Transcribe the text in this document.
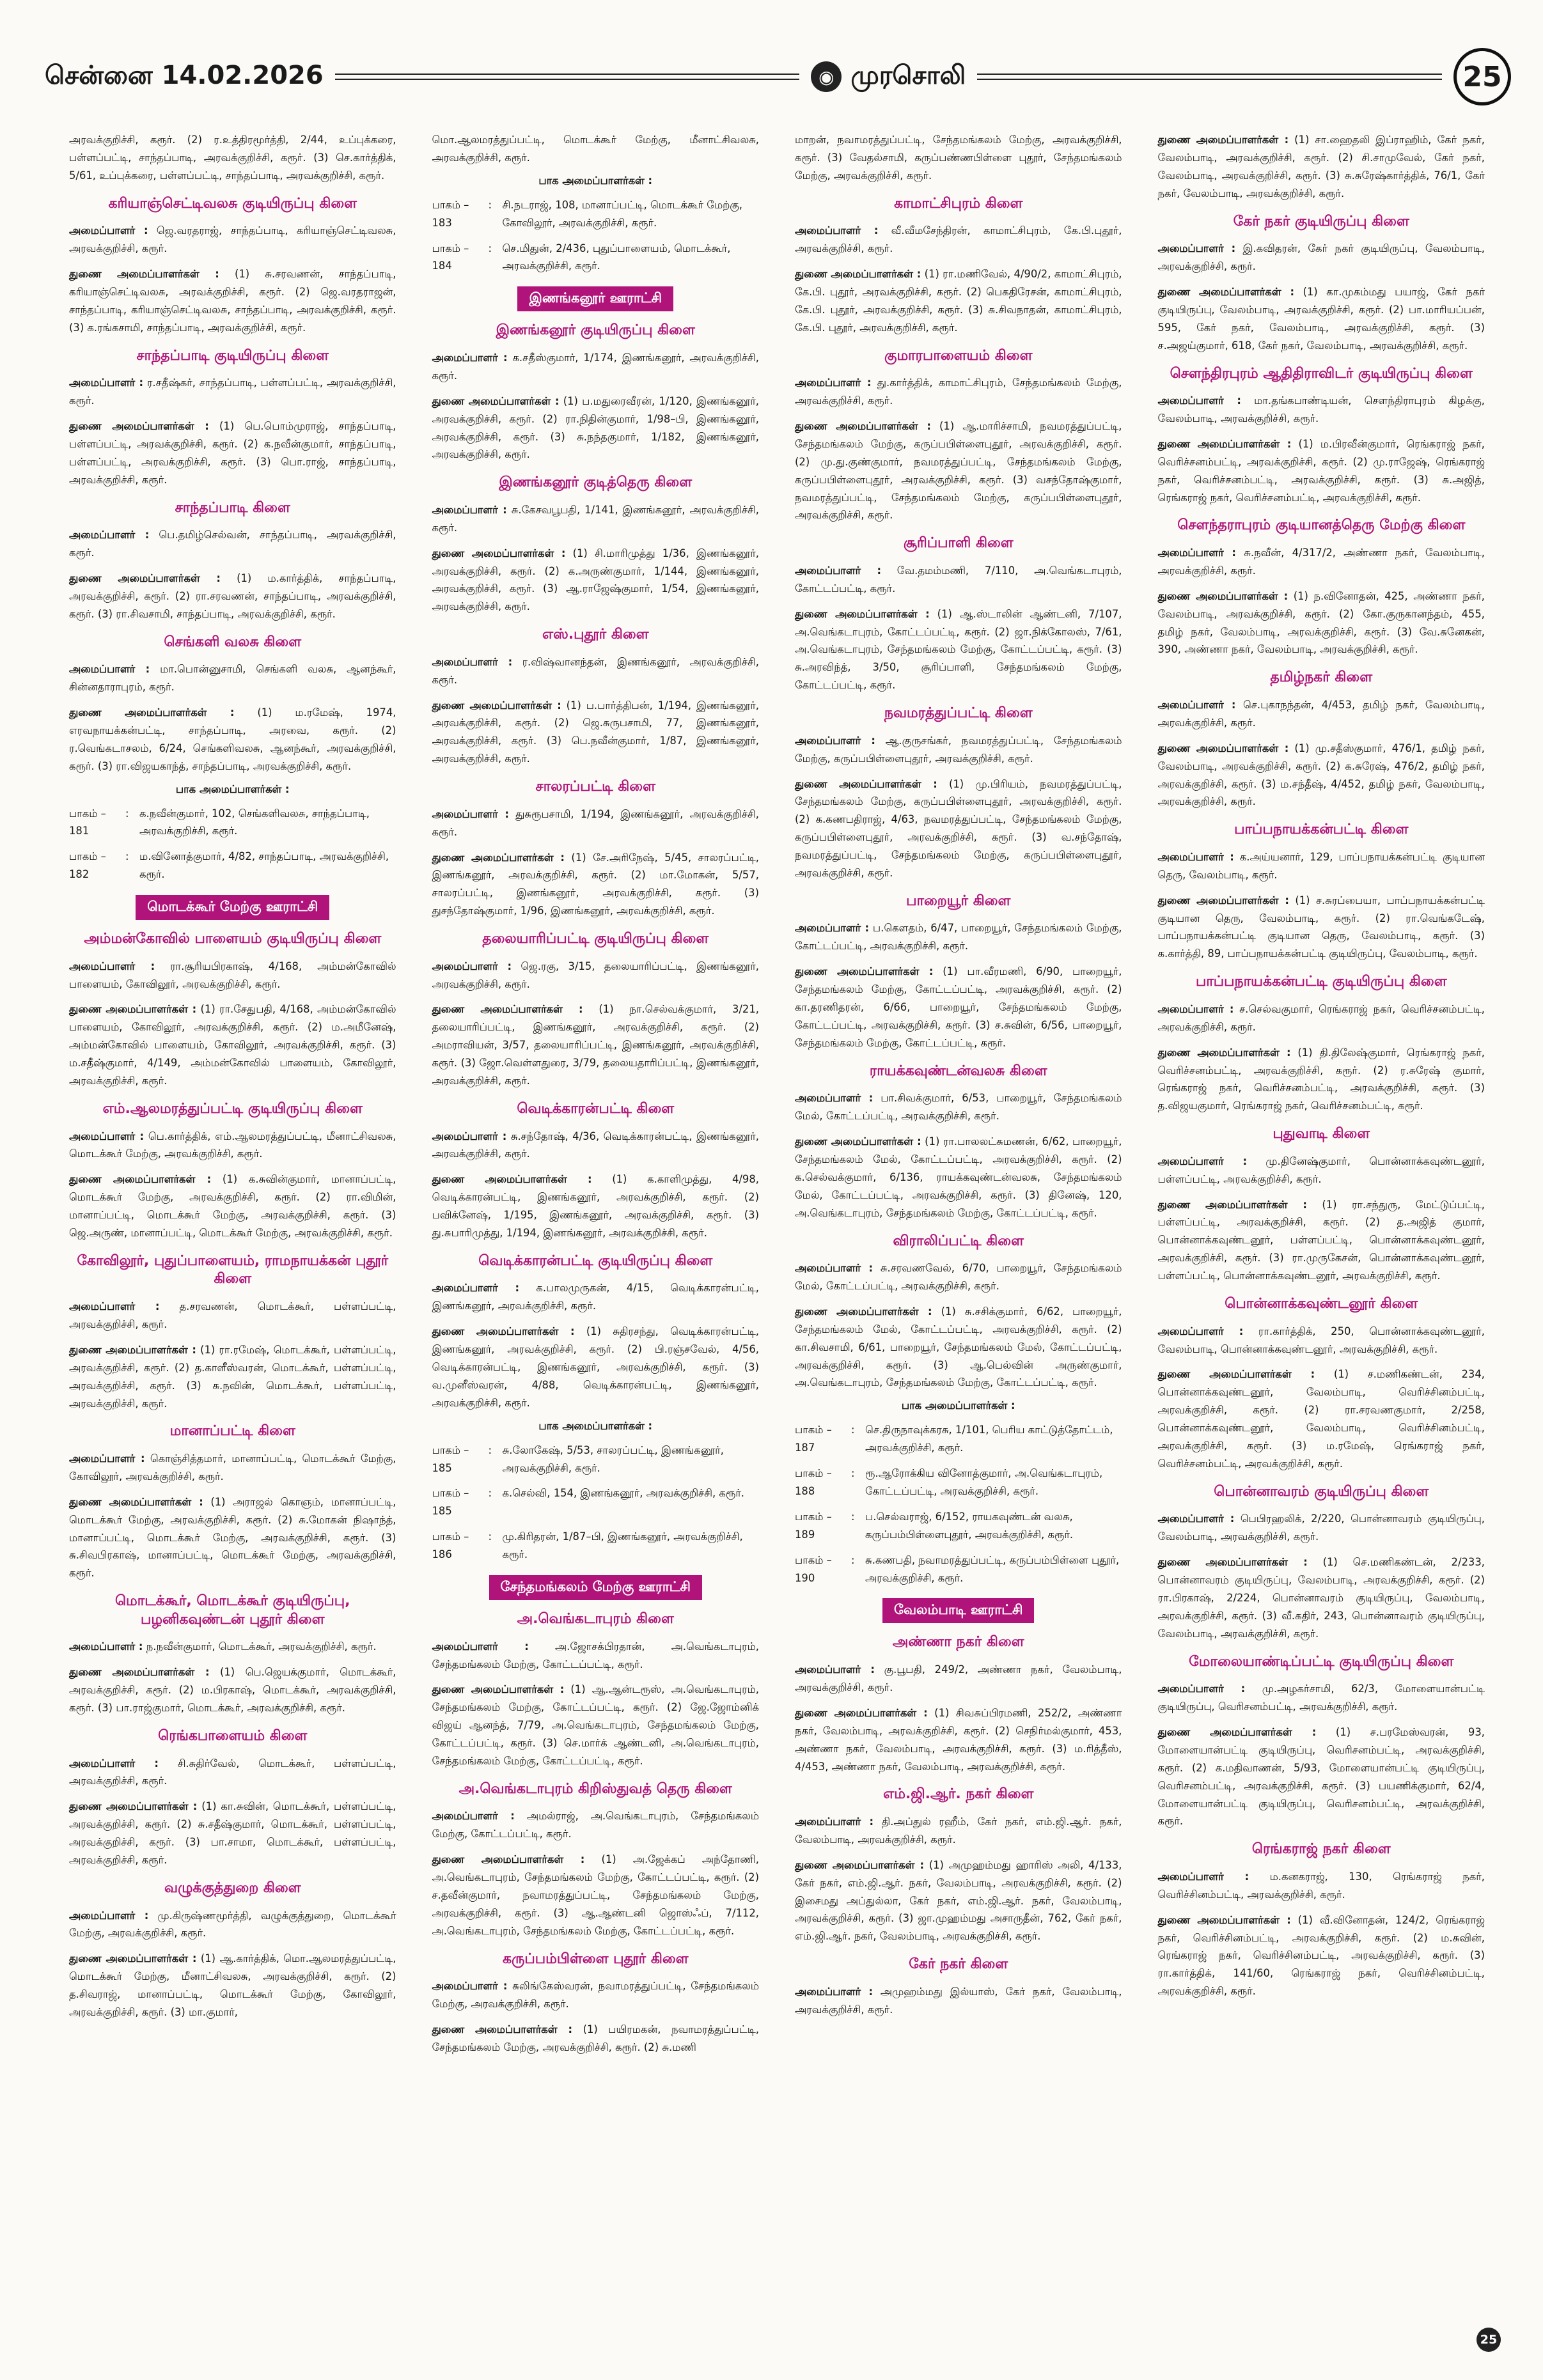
சென்னை 14.02.2026	◉ முரசொலி	25

அரவக்குறிச்சி, கரூர். (2) ர.உத்திரமூர்த்தி, 2/44, உப்புக்கரை, பள்ளப்பட்டி, சாந்தப்பாடி, அரவக்குறிச்சி, கரூர். (3) செ.கார்த்திக், 5/61, உப்புக்கரை, பள்ளப்பட்டி, சாந்தப்பாடி, அரவக்குறிச்சி, கரூர்.

கரியாஞ்செட்டிவலசு குடியிருப்பு கிளை

அமைப்பாளர் : ஜெ.வரதராஜ், சாந்தப்பாடி, கரியாஞ்செட்டிவலசு, அரவக்குறிச்சி, கரூர்.

துணை அமைப்பாளர்கள் : (1) சு.சரவணன், சாந்தப்பாடி, கரியாஞ்செட்டிவலசு, அரவக்குறிச்சி, கரூர். (2) ஜெ.வரதராஜன், சாந்தப்பாடி, கரியாஞ்செட்டிவலசு, சாந்தப்பாடி, அரவக்குறிச்சி, கரூர். (3) க.ரங்கசாமி, சாந்தப்பாடி, அரவக்குறிச்சி, கரூர்.

சாந்தப்பாடி குடியிருப்பு கிளை

அமைப்பாளர் : ர.சதீஷ்கர், சாந்தப்பாடி, பள்ளப்பட்டி, அரவக்குறிச்சி, கரூர்.

துணை அமைப்பாளர்கள் : (1) பெ.பொம்முராஜ், சாந்தப்பாடி, பள்ளப்பட்டி, அரவக்குறிச்சி, கரூர். (2) க.நவீன்குமார், சாந்தப்பாடி, பள்ளப்பட்டி, அரவக்குறிச்சி, கரூர். (3) பொ.ராஜ், சாந்தப்பாடி, அரவக்குறிச்சி, கரூர்.

சாந்தப்பாடி கிளை

அமைப்பாளர் : பெ.தமிழ்செல்வன், சாந்தப்பாடி, அரவக்குறிச்சி, கரூர்.

துணை அமைப்பாளர்கள் : (1) ம.கார்த்திக், சாந்தப்பாடி, அரவக்குறிச்சி, கரூர். (2) ரா.சரவணன், சாந்தப்பாடி, அரவக்குறிச்சி, கரூர். (3) ரா.சிவசாமி, சாந்தப்பாடி, அரவக்குறிச்சி, கரூர்.

செங்களி வலசு கிளை

அமைப்பாளர் : மா.பொன்னுசாமி, செங்களி வலசு, ஆனந்கூர், சின்னதாராபுரம், கரூர்.

துணை அமைப்பாளர்கள் : (1) ம.ரமேஷ், 1974, எரவநாயக்கன்பட்டி, சாந்தப்பாடி, அரவை, கரூர். (2) ர.வெங்கடாசலம், 6/24, செங்களிவலசு, ஆனந்கூர், அரவக்குறிச்சி, கரூர். (3) ரா.விஜயகாந்த், சாந்தப்பாடி, அரவக்குறிச்சி, கரூர்.

பாக அமைப்பாளர்கள் :
பாகம் – 181
:	க.நவீன்குமார், 102, செங்களிவலசு, சாந்தப்பாடி, அரவக்குறிச்சி, கரூர்.
பாகம் – 182
:	ம.வினோத்குமார், 4/82, சாந்தப்பாடி, அரவக்குறிச்சி, கரூர்.
மொடக்கூர் மேற்கு ஊராட்சி
அம்மன்கோவில் பாளையம் குடியிருப்பு கிளை

அமைப்பாளர் : ரா.சூரியபிரகாஷ், 4/168, அம்மன்கோவில் பாளையம், கோவிலூர், அரவக்குறிச்சி, கரூர்.

துணை அமைப்பாளர்கள் : (1) ரா.சேதுபதி, 4/168, அம்மன்கோவில் பாளையம், கோவிலூர், அரவக்குறிச்சி, கரூர். (2) ம.அமீனேஷ், அம்மன்கோவில் பாளையம், கோவிலூர், அரவக்குறிச்சி, கரூர். (3) ம.சதீஷ்குமார், 4/149, அம்மன்கோவில் பாளையம், கோவிலூர், அரவக்குறிச்சி, கரூர்.

எம்.ஆலமரத்துப்பட்டி குடியிருப்பு கிளை

அமைப்பாளர் : பெ.கார்த்திக், எம்.ஆலமரத்துப்பட்டி, மீனாட்சிவலசு, மொடக்கூர் மேற்கு, அரவக்குறிச்சி, கரூர்.

துணை அமைப்பாளர்கள் : (1) க.சுவின்குமார், மானாப்பட்டி, மொடக்கூர் மேற்கு, அரவக்குறிச்சி, கரூர். (2) ரா.விமின், மானாப்பட்டி, மொடக்கூர் மேற்கு, அரவக்குறிச்சி, கரூர். (3) ஜெ.அருண், மானாப்பட்டி, மொடக்கூர் மேற்கு, அரவக்குறிச்சி, கரூர்.

கோவிலூர், புதுப்பாளையம், ராமநாயக்கன் புதூர் கிளை

அமைப்பாளர் : த.சரவணன், மொடக்கூர், பள்ளப்பட்டி, அரவக்குறிச்சி, கரூர்.

துணை அமைப்பாளர்கள் : (1) ரா.ரமேஷ், மொடக்கூர், பள்ளப்பட்டி, அரவக்குறிச்சி, கரூர். (2) த.காளீஸ்வரன், மொடக்கூர், பள்ளப்பட்டி, அரவக்குறிச்சி, கரூர். (3) சு.நவின், மொடக்கூர், பள்ளப்பட்டி, அரவக்குறிச்சி, கரூர்.

மானாப்பட்டி கிளை

அமைப்பாளர் : கொஞ்சித்தமார், மானாப்பட்டி, மொடக்கூர் மேற்கு, கோவிலூர், அரவக்குறிச்சி, கரூர்.

துணை அமைப்பாளர்கள் : (1) அராஜல் கொஞம், மானாப்பட்டி, மொடக்கூர் மேற்கு, அரவக்குறிச்சி, கரூர். (2) சு.மோகன் நிஷாந்த், மானாப்பட்டி, மொடக்கூர் மேற்கு, அரவக்குறிச்சி, கரூர். (3) சு.சிவபிரகாஷ், மானாப்பட்டி, மொடக்கூர் மேற்கு, அரவக்குறிச்சி, கரூர்.

மொடக்கூர், மொடக்கூர் குடியிருப்பு, பழனிகவுண்டன் புதூர் கிளை

அமைப்பாளர் : ந.நவீன்குமார், மொடக்கூர், அரவக்குறிச்சி, கரூர்.

துணை அமைப்பாளர்கள் : (1) பெ.ஜெயக்குமார், மொடக்கூர், அரவக்குறிச்சி, கரூர். (2) ம.பிரகாஷ், மொடக்கூர், அரவக்குறிச்சி, கரூர். (3) பா.ராஜ்குமார், மொடக்கூர், அரவக்குறிச்சி, கரூர்.

ரெங்கபாளையம் கிளை

அமைப்பாளர் : சி.சுதிர்வேல், மொடக்கூர், பள்ளப்பட்டி, அரவக்குறிச்சி, கரூர்.

துணை அமைப்பாளர்கள் : (1) கா.சுவின், மொடக்கூர், பள்ளப்பட்டி, அரவக்குறிச்சி, கரூர். (2) சு.சதீஷ்குமார், மொடக்கூர், பள்ளப்பட்டி, அரவக்குறிச்சி, கரூர். (3) பா.சாமா, மொடக்கூர், பள்ளப்பட்டி, அரவக்குறிச்சி, கரூர்.

வழுக்குத்துறை கிளை

அமைப்பாளர் : மு.கிருஷ்ணமூர்த்தி, வழுக்குத்துறை, மொடக்கூர் மேற்கு, அரவக்குறிச்சி, கரூர்.

துணை அமைப்பாளர்கள் : (1) ஆ.கார்த்திக், மொ.ஆலமரத்துப்பட்டி, மொடக்கூர் மேற்கு, மீனாட்சிவலசு, அரவக்குறிச்சி, கரூர். (2) த.சிவராஜ், மானாப்பட்டி, மொடக்கூர் மேற்கு, கோவிலூர், அரவக்குறிச்சி, கரூர். (3) மா.குமார்,

மொ.ஆலமரத்துப்பட்டி, மொடக்கூர் மேற்கு, மீனாட்சிவலசு, அரவக்குறிச்சி, கரூர்.

பாக அமைப்பாளர்கள் :
பாகம் – 183
:	சி.நடராஜ், 108, மானாப்பட்டி, மொடக்கூர் மேற்கு, கோவிலூர், அரவக்குறிச்சி, கரூர்.
பாகம் – 184
:	செ.மிதுன், 2/436, புதுப்பாளையம், மொடக்கூர், அரவக்குறிச்சி, கரூர்.
இணங்கனூர் ஊராட்சி
இணங்கனூர் குடியிருப்பு கிளை

அமைப்பாளர் : க.சதீஸ்குமார், 1/174, இணங்கனூர், அரவக்குறிச்சி, கரூர்.

துணை அமைப்பாளர்கள் : (1) ப.மதுரைவீரன், 1/120, இணங்கனூர், அரவக்குறிச்சி, கரூர். (2) ரா.நிதின்குமார், 1/98–பி, இணங்கனூர், அரவக்குறிச்சி, கரூர். (3) சு.நந்தகுமார், 1/182, இணங்கனூர், அரவக்குறிச்சி, கரூர்.

இணங்கனூர் குடித்தெரு கிளை

அமைப்பாளர் : சு.கேசவபூபதி, 1/141, இணங்கனூர், அரவக்குறிச்சி, கரூர்.

துணை அமைப்பாளர்கள் : (1) சி.மாரிமுத்து 1/36, இணங்கனூர், அரவக்குறிச்சி, கரூர். (2) க.அருண்குமார், 1/144, இணங்கனூர், அரவக்குறிச்சி, கரூர். (3) ஆ.ராஜேஷ்குமார், 1/54, இணங்கனூர், அரவக்குறிச்சி, கரூர்.

எஸ்.புதூர் கிளை

அமைப்பாளர் : ர.விஷ்வானந்தன், இணங்கனூர், அரவக்குறிச்சி, கரூர்.

துணை அமைப்பாளர்கள் : (1) ப.பார்த்திபன், 1/194, இணங்கனூர், அரவக்குறிச்சி, கரூர். (2) ஜெ.சுருபசாமி, 77, இணங்கனூர், அரவக்குறிச்சி, கரூர். (3) பெ.நவீன்குமார், 1/87, இணங்கனூர், அரவக்குறிச்சி, கரூர்.

சாலரப்பட்டி கிளை

அமைப்பாளர் : துசுரூபசாமி, 1/194, இணங்கனூர், அரவக்குறிச்சி, கரூர்.

துணை அமைப்பாளர்கள் : (1) சே.அரிநேஷ், 5/45, சாலரப்பட்டி, இணங்கனூர், அரவக்குறிச்சி, கரூர். (2) மா.மோகன், 5/57, சாலரப்பட்டி, இணங்கனூர், அரவக்குறிச்சி, கரூர். (3) துசந்தோஷ்குமார், 1/96, இணங்கனூர், அரவக்குறிச்சி, கரூர்.

தலையாரிப்பட்டி குடியிருப்பு கிளை

அமைப்பாளர் : ஜெ.ரகு, 3/15, தலையாரிப்பட்டி, இணங்கனூர், அரவக்குறிச்சி, கரூர்.

துணை அமைப்பாளர்கள் : (1) நா.செல்வக்குமார், 3/21, தலையாரிப்பட்டி, இணங்கனூர், அரவக்குறிச்சி, கரூர். (2) அமராவியன், 3/57, தலையாரிப்பட்டி, இணங்கனூர், அரவக்குறிச்சி, கரூர். (3) ஜோ.வெள்ளதுரை, 3/79, தலையதாரிப்பட்டி, இணங்கனூர், அரவக்குறிச்சி, கரூர்.

வெடிக்காரன்பட்டி கிளை

அமைப்பாளர் : சு.சந்தோஷ், 4/36, வெடிக்காரன்பட்டி, இணங்கனூர், அரவக்குறிச்சி, கரூர்.

துணை அமைப்பாளர்கள் : (1) க.காளிமுத்து, 4/98, வெடிக்காரன்பட்டி, இணங்கனூர், அரவக்குறிச்சி, கரூர். (2) பவிக்னேஷ், 1/195, இணங்கனூர், அரவக்குறிச்சி, கரூர். (3) து.சுபாரிமுத்து, 1/194, இணங்கனூர், அரவக்குறிச்சி, கரூர்.

வெடிக்காரன்பட்டி குடியிருப்பு கிளை

அமைப்பாளர் : க.பாலமுருகன், 4/15, வெடிக்காரன்பட்டி, இணங்கனூர், அரவக்குறிச்சி, கரூர்.

துணை அமைப்பாளர்கள் : (1) சுதிரசந்து, வெடிக்காரன்பட்டி, இணங்கனூர், அரவக்குறிச்சி, கரூர். (2) பி.ரஞ்சவேல், 4/56, வெடிக்காரன்பட்டி, இணங்கனூர், அரவக்குறிச்சி, கரூர். (3) வ.முனீஸ்வரன், 4/88, வெடிக்காரன்பட்டி, இணங்கனூர், அரவக்குறிச்சி, கரூர்.

பாக அமைப்பாளர்கள் :
பாகம் – 185
:	சு.லோகேஷ், 5/53, சாலரப்பட்டி, இணங்கனூர், அரவக்குறிச்சி, கரூர்.
பாகம் – 185
:	க.செல்வி, 154, இணங்கனூர், அரவக்குறிச்சி, கரூர்.
பாகம் – 186
:	மு.கிரிதரன், 1/87–பி, இணங்கனூர், அரவக்குறிச்சி, கரூர்.
சேந்தமங்கலம் மேற்கு ஊராட்சி
அ.வெங்கடாபுரம் கிளை

அமைப்பாளர் :	அ.ஜோசக்பிரதான், அ.வெங்கடாபுரம், சேந்தமங்கலம் மேற்கு, கோட்டப்பட்டி, கரூர்.

துணை அமைப்பாளர்கள் : (1) ஆ.ஆன்டரூஸ், அ.வெங்கடாபுரம், சேந்தமங்கலம் மேற்கு, கோட்டப்பட்டி, கரூர். (2) ஜே.ஜோம்னிக் விஜய் ஆனந்த், 7/79, அ.வெங்கடாபுரம், சேந்தமங்கலம் மேற்கு, கோட்டப்பட்டி, கரூர். (3) செ.மார்க் ஆண்டனி, அ.வெங்கடாபுரம், சேந்தமங்கலம் மேற்கு, கோட்டப்பட்டி, கரூர்.

அ.வெங்கடாபுரம் கிறிஸ்துவத் தெரு கிளை

அமைப்பாளர் : அமல்ராஜ், அ.வெங்கடாபுரம், சேந்தமங்கலம் மேற்கு, கோட்டப்பட்டி, கரூர்.

துணை அமைப்பாளர்கள் : (1) அ.ஜேக்கப் அந்தோணி, அ.வெங்கடாபுரம், சேந்தமங்கலம் மேற்கு, கோட்டப்பட்டி, கரூர். (2) ச.தவீன்குமார், நவாமரத்துப்பட்டி, சேந்தமங்கலம் மேற்கு, அரவக்குறிச்சி, கரூர். (3) ஆ.ஆண்டனி ஜொஸ்ஃப், 7/112, அ.வெங்கடாபுரம், சேந்தமங்கலம் மேற்கு, கோட்டப்பட்டி, கரூர்.

கருப்பம்பிள்ளை புதூர் கிளை

அமைப்பாளர் : சுலிங்கேஸ்வரன், நவாமரத்துப்பட்டி, சேந்தமங்கலம் மேற்கு, அரவக்குறிச்சி, கரூர்.

துணை அமைப்பாளர்கள் : (1) பயிரமகன், நவாமரத்துப்பட்டி, சேந்தமங்கலம் மேற்கு, அரவக்குறிச்சி, கரூர். (2) சு.மணி

மாறன், நவாமரத்துப்பட்டி, சேந்தமங்கலம் மேற்கு, அரவக்குறிச்சி, கரூர். (3) வேதல்சாமி, கருப்பண்ணபிள்ளை புதூர், சேந்தமங்கலம் மேற்கு, அரவக்குறிச்சி, கரூர்.

காமாட்சிபுரம் கிளை

அமைப்பாளர் : வீ.வீமசேந்திரன், காமாட்சிபுரம், கே.பி.புதூர், அரவக்குறிச்சி, கரூர்.

துணை அமைப்பாளர்கள் : (1) ரா.மணிவேல், 4/90/2, காமாட்சிபுரம், கே.பி. புதூர், அரவக்குறிச்சி, கரூர். (2) பெகதிரேசன், காமாட்சிபுரம், கே.பி. புதூர், அரவக்குறிச்சி, கரூர். (3) சு.சிவநாதன், காமாட்சிபுரம், கே.பி. புதூர், அரவக்குறிச்சி, கரூர்.

குமாரபாளையம் கிளை

அமைப்பாளர் : து.கார்த்திக், காமாட்சிபுரம், சேந்தமங்கலம் மேற்கு, அரவக்குறிச்சி, கரூர்.

துணை அமைப்பாளர்கள் : (1) ஆ.மாரிச்சாமி, நவமரத்துப்பட்டி, சேந்தமங்கலம் மேற்கு, கருப்பபிள்ளைபுதூர், அரவக்குறிச்சி, கரூர். (2) மு.து.குண்குமார், நவமரத்துப்பட்டி, சேந்தமங்கலம் மேற்கு, கருப்பபிள்ளைபுதூர், அரவக்குறிச்சி, கரூர். (3) வசந்தோஷ்குமார், நவமரத்துப்பட்டி, சேந்தமங்கலம் மேற்கு, கருப்பபிள்ளைபுதூர், அரவக்குறிச்சி, கரூர்.

சூரிப்பாளி கிளை

அமைப்பாளர் : வே.தமம்மணி, 7/110, அ.வெங்கடாபுரம், கோட்டப்பட்டி, கரூர்.

துணை அமைப்பாளர்கள் : (1) ஆ.ஸ்டாலின் ஆண்டனி, 7/107, அ.வெங்கடாபுரம், கோட்டப்பட்டி, கரூர். (2) ஜா.நிக்கோலஸ், 7/61, அ.வெங்கடாபுரம், சேந்தமங்கலம் மேற்கு, கோட்டப்பட்டி, கரூர். (3) சு.அரவிந்த், 3/50, சூரிப்பாளி, சேந்தமங்கலம் மேற்கு, கோட்டப்பட்டி, கரூர்.

நவமரத்துப்பட்டி கிளை

அமைப்பாளர் : ஆ.குருசங்கர், நவமரத்துப்பட்டி, சேந்தமங்கலம் மேற்கு, கருப்பபிள்ளைபுதூர், அரவக்குறிச்சி, கரூர்.

துணை அமைப்பாளர்கள் : (1) மு.பிரியம், நவமரத்துப்பட்டி, சேந்தமங்கலம் மேற்கு, கருப்பபிள்ளைபுதூர், அரவக்குறிச்சி, கரூர். (2) க.கணபதிராஜ், 4/63, நவமரத்துப்பட்டி, சேந்தமங்கலம் மேற்கு, கருப்பபிள்ளைபுதூர், அரவக்குறிச்சி, கரூர். (3) வ.சந்தோஷ், நவமரத்துப்பட்டி, சேந்தமங்கலம் மேற்கு, கருப்பபிள்ளைபுதூர், அரவக்குறிச்சி, கரூர்.

பாறையூர் கிளை

அமைப்பாளர் : ப.கௌதம், 6/47, பாறையூர், சேந்தமங்கலம் மேற்கு, கோட்டப்பட்டி, அரவக்குறிச்சி, கரூர்.

துணை அமைப்பாளர்கள் : (1) பா.வீரமணி, 6/90, பாறையூர், சேந்தமங்கலம் மேற்கு, கோட்டப்பட்டி, அரவக்குறிச்சி, கரூர். (2) கா.தரணிதரன், 6/66, பாறையூர், சேந்தமங்கலம் மேற்கு, கோட்டப்பட்டி, அரவக்குறிச்சி, கரூர். (3) ச.சுவின், 6/56, பாறையூர், சேந்தமங்கலம் மேற்கு, கோட்டப்பட்டி, கரூர்.

ராயக்கவுண்டன்வலசு கிளை

அமைப்பாளர் : பா.சிவக்குமார், 6/53, பாறையூர், சேந்தமங்கலம் மேல், கோட்டப்பட்டி, அரவக்குறிச்சி, கரூர்.

துணை அமைப்பாளர்கள் : (1) ரா.பாலலட்சுமணன், 6/62, பாறையூர், சேந்தமங்கலம் மேல், கோட்டப்பட்டி, அரவக்குறிச்சி, கரூர். (2) க.செல்வக்குமார், 6/136, ராயக்கவுண்டன்வலசு, சேந்தமங்கலம் மேல், கோட்டப்பட்டி, அரவக்குறிச்சி, கரூர். (3) தினேஷ், 120, அ.வெங்கடாபுரம், சேந்தமங்கலம் மேற்கு, கோட்டப்பட்டி, கரூர்.

விராலிப்பட்டி கிளை

அமைப்பாளர் : சு.சரவணவேல், 6/70, பாறையூர், சேந்தமங்கலம் மேல், கோட்டப்பட்டி, அரவக்குறிச்சி, கரூர்.

துணை அமைப்பாளர்கள் : (1) சு.சசிக்குமார், 6/62, பாறையூர், சேந்தமங்கலம் மேல், கோட்டப்பட்டி, அரவக்குறிச்சி, கரூர். (2) கா.சிவசாமி, 6/61, பாறையூர், சேந்தமங்கலம் மேல், கோட்டப்பட்டி, அரவக்குறிச்சி, கரூர். (3) ஆ.பெல்வின் அருண்குமார், அ.வெங்கடாபுரம், சேந்தமங்கலம் மேற்கு, கோட்டப்பட்டி, கரூர்.

பாக அமைப்பாளர்கள் :
பாகம் – 187
:	செ.திருநாவுக்கரசு, 1/101, பெரிய காட்டுத்தோட்டம், அரவக்குறிச்சி, கரூர்.
பாகம் – 188
:	ரூ.ஆரோக்கிய வினோத்குமார், அ.வெங்கடாபுரம், கோட்டப்பட்டி, அரவக்குறிச்சி, கரூர்.
பாகம் – 189
:	ப.செல்வராஜ், 6/152, ராயகவுண்டன் வலசு, கருப்பம்பிள்ளைபுதூர், அரவக்குறிச்சி, கரூர்.
பாகம் – 190
:	சு.கணபதி, நவாமரத்துப்பட்டி, கருப்பம்பிள்ளை புதூர், அரவக்குறிச்சி, கரூர்.
வேலம்பாடி ஊராட்சி
அண்ணா நகர் கிளை

அமைப்பாளர் : கு.பூபதி, 249/2, அண்ணா நகர், வேலம்பாடி, அரவக்குறிச்சி, கரூர்.

துணை அமைப்பாளர்கள் : (1) சிவசுப்பிரமணி, 252/2, அண்ணா நகர், வேலம்பாடி, அரவக்குறிச்சி, கரூர். (2) செநிர்மல்குமார், 453, அண்ணா நகர், வேலம்பாடி, அரவக்குறிச்சி, கரூர். (3) ம.ரித்தீஸ், 4/453, அண்ணா நகர், வேலம்பாடி, அரவக்குறிச்சி, கரூர்.

எம்.ஜி.ஆர். நகர் கிளை

அமைப்பாளர் : தி.அப்துல் ரஹீம், கேர் நகர், எம்.ஜி.ஆர். நகர், வேலம்பாடி, அரவக்குறிச்சி, கரூர்.

துணை அமைப்பாளர்கள் : (1) அமுஹம்மது ஹாரிஸ் அலி, 4/133, கேர் நகர், எம்.ஜி.ஆர். நகர், வேலம்பாடி, அரவக்குறிச்சி, கரூர். (2) இசைமது அப்துல்லா, கேர் நகர், எம்.ஜி.ஆர். நகர், வேலம்பாடி, அரவக்குறிச்சி, கரூர். (3) ஜா.முஹம்மது அசாருதீன், 762, கேர் நகர், எம்.ஜி.ஆர். நகர், வேலம்பாடி, அரவக்குறிச்சி, கரூர்.

கேர் நகர் கிளை

அமைப்பாளர் : அமுஹம்மது இல்யாஸ், கேர் நகர், வேலம்பாடி, அரவக்குறிச்சி, கரூர்.

துணை அமைப்பாளர்கள் : (1) சா.ஹைதலி இப்ராஹிம், கேர் நகர், வேலம்பாடி, அரவக்குறிச்சி, கரூர். (2) சி.சாமுவேல், கேர் நகர், வேலம்பாடி, அரவக்குறிச்சி, கரூர். (3) சு.சுரேஷ்கார்த்திக், 76/1, கேர் நகர், வேலம்பாடி, அரவக்குறிச்சி, கரூர்.

கேர் நகர் குடியிருப்பு கிளை

அமைப்பாளர் : இ.கவிதரன், கேர் நகர் குடியிருப்பு, வேலம்பாடி, அரவக்குறிச்சி, கரூர்.

துணை அமைப்பாளர்கள் : (1) கா.முகம்மது பயாஜ், கேர் நகர் குடியிருப்பு, வேலம்பாடி, அரவக்குறிச்சி, கரூர். (2) பா.மாரியப்பன், 595, கேர் நகர், வேலம்பாடி, அரவக்குறிச்சி, கரூர். (3) ச.அஜய்குமார், 618, கேர் நகர், வேலம்பாடி, அரவக்குறிச்சி, கரூர்.

சௌந்திரபுரம் ஆதிதிராவிடர் குடியிருப்பு கிளை

அமைப்பாளர் : மா.தங்கபாண்டியன், சௌந்திராபுரம் கிழக்கு, வேலம்பாடி, அரவக்குறிச்சி, கரூர்.

துணை அமைப்பாளர்கள் : (1) ம.பிரவீன்குமார், ரெங்கராஜ் நகர், வெரிச்சனம்பட்டி, அரவக்குறிச்சி, கரூர். (2) மு.ராஜேஷ், ரெங்கராஜ் நகர், வெரிச்சனம்பட்டி, அரவக்குறிச்சி, கரூர். (3) சு.அஜித், ரெங்கராஜ் நகர், வெரிச்சனம்பட்டி, அரவக்குறிச்சி, கரூர்.

சௌந்தராபுரம் குடியானத்தெரு மேற்கு கிளை

அமைப்பாளர் : சு.நவீன், 4/317/2, அண்ணா நகர், வேலம்பாடி, அரவக்குறிச்சி, கரூர்.

துணை அமைப்பாளர்கள் : (1) ந.வினோதன், 425, அண்ணா நகர், வேலம்பாடி, அரவக்குறிச்சி, கரூர். (2) கோ.குருகானந்தம், 455, தமிழ் நகர், வேலம்பாடி, அரவக்குறிச்சி, கரூர். (3) வே.சுனேகன், 390, அண்ணா நகர், வேலம்பாடி, அரவக்குறிச்சி, கரூர்.

தமிழ்நகர் கிளை

அமைப்பாளர் : செ.புகாநந்தன், 4/453, தமிழ் நகர், வேலம்பாடி, அரவக்குறிச்சி, கரூர்.

துணை அமைப்பாளர்கள் : (1) மு.சதீஸ்குமார், 476/1, தமிழ் நகர், வேலம்பாடி, அரவக்குறிச்சி, கரூர். (2) க.சுரேஷ், 476/2, தமிழ் நகர், அரவக்குறிச்சி, கரூர். (3) ம.சந்தீஷ், 4/452, தமிழ் நகர், வேலம்பாடி, அரவக்குறிச்சி, கரூர்.

பாப்பநாயக்கன்பட்டி கிளை

அமைப்பாளர் : க.அய்யனார், 129, பாப்பநாயக்கன்பட்டி குடியான தெரு, வேலம்பாடி, கரூர்.

துணை அமைப்பாளர்கள் : (1) ச.சுரப்பையா, பாப்பநாயக்கன்பட்டி குடியான தெரு, வேலம்பாடி, கரூர். (2) ரா.வெங்கடேஷ், பாப்பநாயக்கன்பட்டி குடியான தெரு, வேலம்பாடி, கரூர். (3) க.கார்த்தி, 89, பாப்பநாயக்கன்பட்டி குடியிருப்பு, வேலம்பாடி, கரூர்.

பாப்பநாயக்கன்பட்டி குடியிருப்பு கிளை

அமைப்பாளர் : ச.செல்வகுமார், ரெங்கராஜ் நகர், வெரிச்சனம்பட்டி, அரவக்குறிச்சி, கரூர்.

துணை அமைப்பாளர்கள் : (1) தி.திலேஷ்குமார், ரெங்கராஜ் நகர், வெரிச்சனம்பட்டி, அரவக்குறிச்சி, கரூர். (2) ர.சுரேஷ் குமார், ரெங்கராஜ் நகர், வெரிச்சனம்பட்டி, அரவக்குறிச்சி, கரூர். (3) த.விஜயகுமார், ரெங்கராஜ் நகர், வெரிச்சனம்பட்டி, கரூர்.

புதுவாடி கிளை

அமைப்பாளர் : மு.தினேஷ்குமார், பொன்னாக்கவுண்டனூர், பள்ளப்பட்டி, அரவக்குறிச்சி, கரூர்.

துணை அமைப்பாளர்கள் : (1) ரா.சந்துரு, மேட்டுப்பட்டி, பள்ளப்பட்டி, அரவக்குறிச்சி, கரூர். (2) த.அஜித் குமார், பொன்னாக்கவுண்டனூர், பள்ளப்பட்டி, பொன்னாக்கவுண்டனூர், அரவக்குறிச்சி, கரூர். (3) ரா.முருகேசன், பொன்னாக்கவுண்டனூர், பள்ளப்பட்டி, பொன்னாக்கவுண்டனூர், அரவக்குறிச்சி, கரூர்.

பொன்னாக்கவுண்டனூர் கிளை

அமைப்பாளர் : ரா.கார்த்திக், 250, பொன்னாக்கவுண்டனூர், வேலம்பாடி, பொன்னாக்கவுண்டனூர், அரவக்குறிச்சி, கரூர்.

துணை அமைப்பாளர்கள் : (1) ச.மணிகண்டன், 234, பொன்னாக்கவுண்டனூர், வேலம்பாடி, வெரிச்சினம்பட்டி, அரவக்குறிச்சி, கரூர். (2) ரா.சரவணகுமார், 2/258, பொன்னாக்கவுண்டனூர், வேலம்பாடி, வெரிச்சினம்பட்டி, அரவக்குறிச்சி, கரூர். (3) ம.ரமேஷ், ரெங்கராஜ் நகர், வெரிச்சனம்பட்டி, அரவக்குறிச்சி, கரூர்.

பொன்னாவரம் குடியிருப்பு கிளை

அமைப்பாளர் : பெபிரஹலிக், 2/220, பொன்னாவரம் குடியிருப்பு, வேலம்பாடி, அரவக்குறிச்சி, கரூர்.

துணை அமைப்பாளர்கள் : (1) செ.மணிகண்டன், 2/233, பொன்னாவரம் குடியிருப்பு, வேலம்பாடி, அரவக்குறிச்சி, கரூர். (2) ரா.பிரகாஷ், 2/224, பொன்னாவரம் குடியிருப்பு, வேலம்பாடி, அரவக்குறிச்சி, கரூர். (3) வீ.கதிர், 243, பொன்னாவரம் குடியிருப்பு, வேலம்பாடி, அரவக்குறிச்சி, கரூர்.

மோலையாண்டிப்பட்டி குடியிருப்பு கிளை

அமைப்பாளர் : மு.அழகர்சாமி, 62/3, மோளையான்பட்டி குடியிருப்பு, வெரிசனம்பட்டி, அரவக்குறிச்சி, கரூர்.

துணை அமைப்பாளர்கள் : (1) ச.பரமேஸ்வரன், 93, மோளையான்பட்டி குடியிருப்பு, வெரிசனம்பட்டி, அரவக்குறிச்சி, கரூர். (2) க.மதிவாணன், 5/93, மோளையான்பட்டி குடியிருப்பு, வெரிசனம்பட்டி, அரவக்குறிச்சி, கரூர். (3) பயணிக்குமார், 62/4, மோளையான்பட்டி குடியிருப்பு, வெரிசனம்பட்டி, அரவக்குறிச்சி, கரூர்.

ரெங்கராஜ் நகர் கிளை

அமைப்பாளர் : ம.கனகராஜ், 130, ரெங்கராஜ் நகர், வெரிச்சினம்பட்டி, அரவக்குறிச்சி, கரூர்.

துணை அமைப்பாளர்கள் : (1) வீ.வினோதன், 124/2, ரெங்கராஜ் நகர், வெரிச்சினம்பட்டி, அரவக்குறிச்சி, கரூர். (2) ம.சுவின், ரெங்கராஜ் நகர், வெரிச்சினம்பட்டி, அரவக்குறிச்சி, கரூர். (3) ரா.கார்த்திக், 141/60, ரெங்கராஜ் நகர், வெரிச்சினம்பட்டி, அரவக்குறிச்சி, கரூர்.

25
